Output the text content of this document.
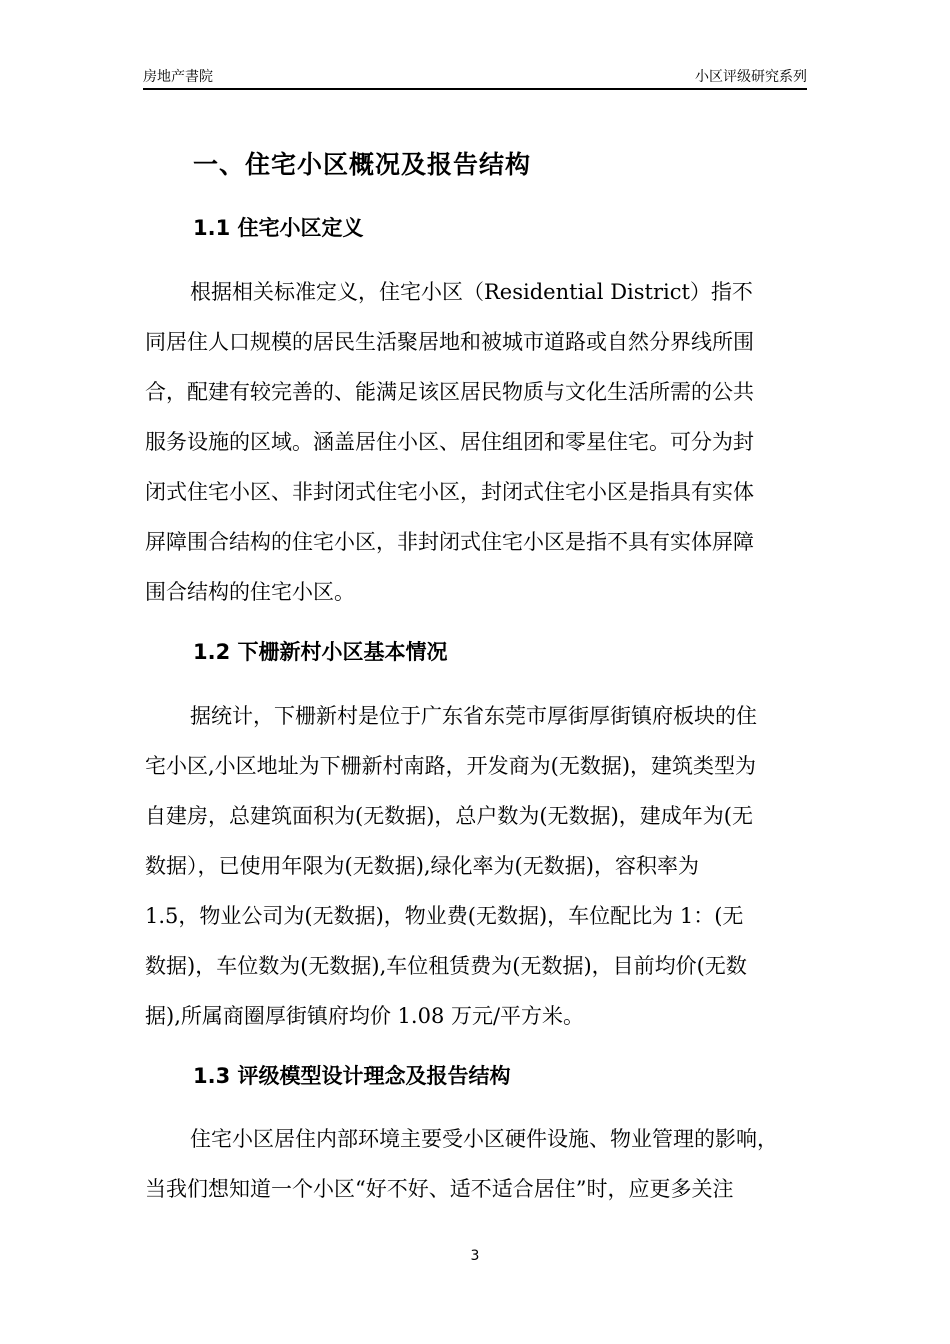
房地产書院	小区评级研究系列
一、住宅小区概况及报告结构
1.1 住宅小区定义
根据相关标准定义，住宅小区（Residential District）指不
同居住人口规模的居民生活聚居地和被城市道路或自然分界线所围
合，配建有较完善的、能满足该区居民物质与文化生活所需的公共
服务设施的区域。涵盖居住小区、居住组团和零星住宅。可分为封
闭式住宅小区、非封闭式住宅小区，封闭式住宅小区是指具有实体
屏障围合结构的住宅小区，非封闭式住宅小区是指不具有实体屏障
围合结构的住宅小区。
1.2 下栅新村小区基本情况
据统计，下栅新村是位于广东省东莞市厚街厚街镇府板块的住
宅小区,小区地址为下栅新村南路，开发商为(无数据)，建筑类型为
自建房，总建筑面积为(无数据)，总户数为(无数据)，建成年为(无
数据），已使用年限为(无数据),绿化率为(无数据)，容积率为
1.5，物业公司为(无数据)，物业费(无数据)，车位配比为 1：(无
数据)，车位数为(无数据),车位租赁费为(无数据)，目前均价(无数
据),所属商圈厚街镇府均价 1.08 万元/平方米。
1.3 评级模型设计理念及报告结构
住宅小区居住内部环境主要受小区硬件设施、物业管理的影响，
当我们想知道一个小区“好不好、适不适合居住”时，应更多关注
3
